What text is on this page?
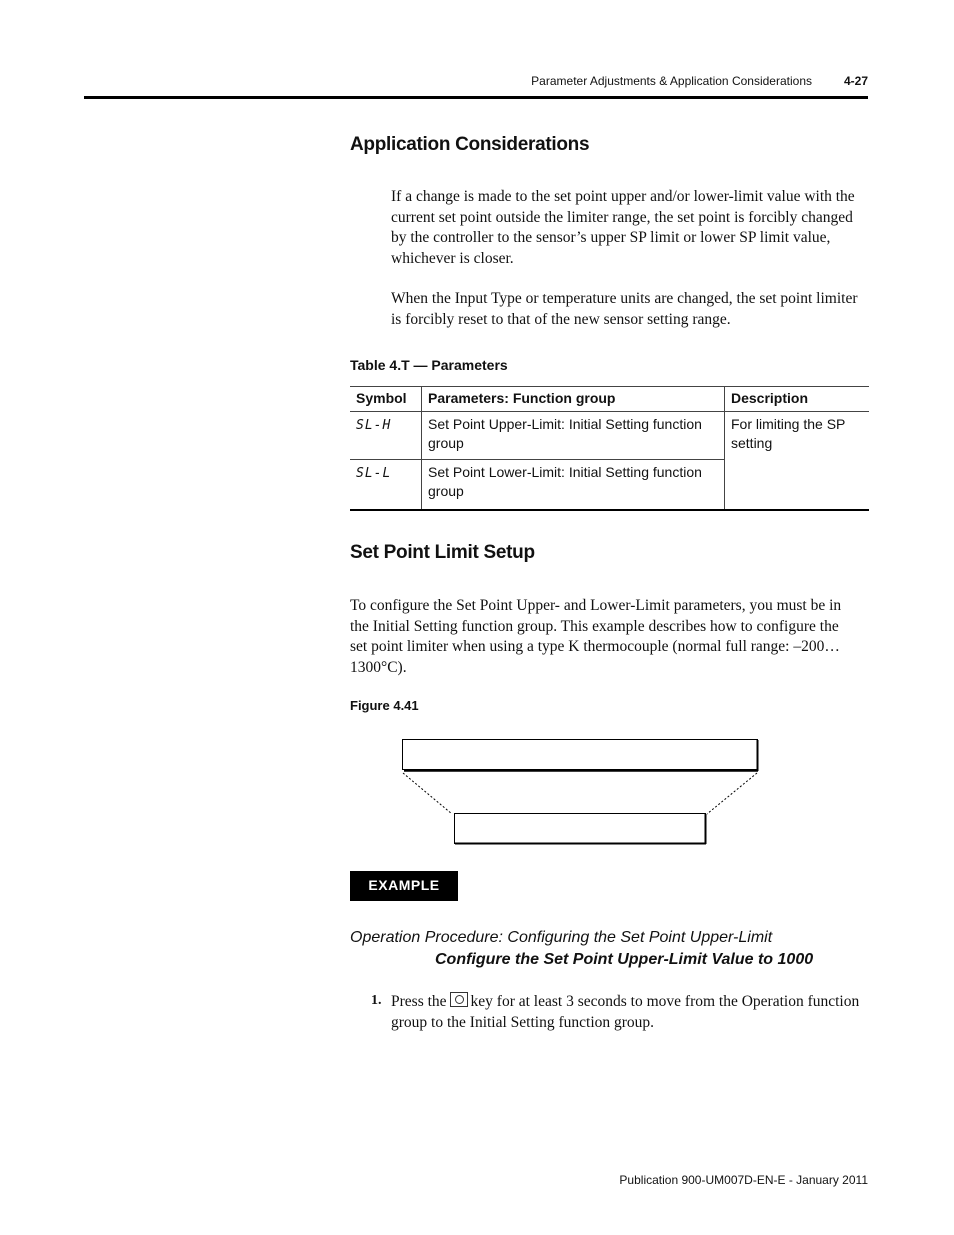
Parameter Adjustments & Application Considerations	4-27
Application Considerations
If a change is made to the set point upper and/or lower-limit value with the current set point outside the limiter range, the set point is forcibly changed by the controller to the sensor’s upper SP limit or lower SP limit value, whichever is closer.
When the Input Type or temperature units are changed, the set point limiter is forcibly reset to that of the new sensor setting range.
Table 4.T — Parameters
Symbol	Parameters: Function group	Description
SL-H	Set Point Upper-Limit: Initial Setting function group	For limiting the SP setting
SL-L	Set Point Lower-Limit: Initial Setting function group	
Set Point Limit Setup
To configure the Set Point Upper- and Lower-Limit parameters, you must be in the Initial Setting function group. This example describes how to configure the set point limiter when using a type K thermocouple (normal full range: –200…1300°C).
Figure 4.41
EXAMPLE
Operation Procedure: Configuring the Set Point Upper-Limit
Configure the Set Point Upper-Limit Value to 1000
1. Press the key for at least 3 seconds to move from the Operation function group to the Initial Setting function group.
Publication 900-UM007D-EN-E - January 2011
